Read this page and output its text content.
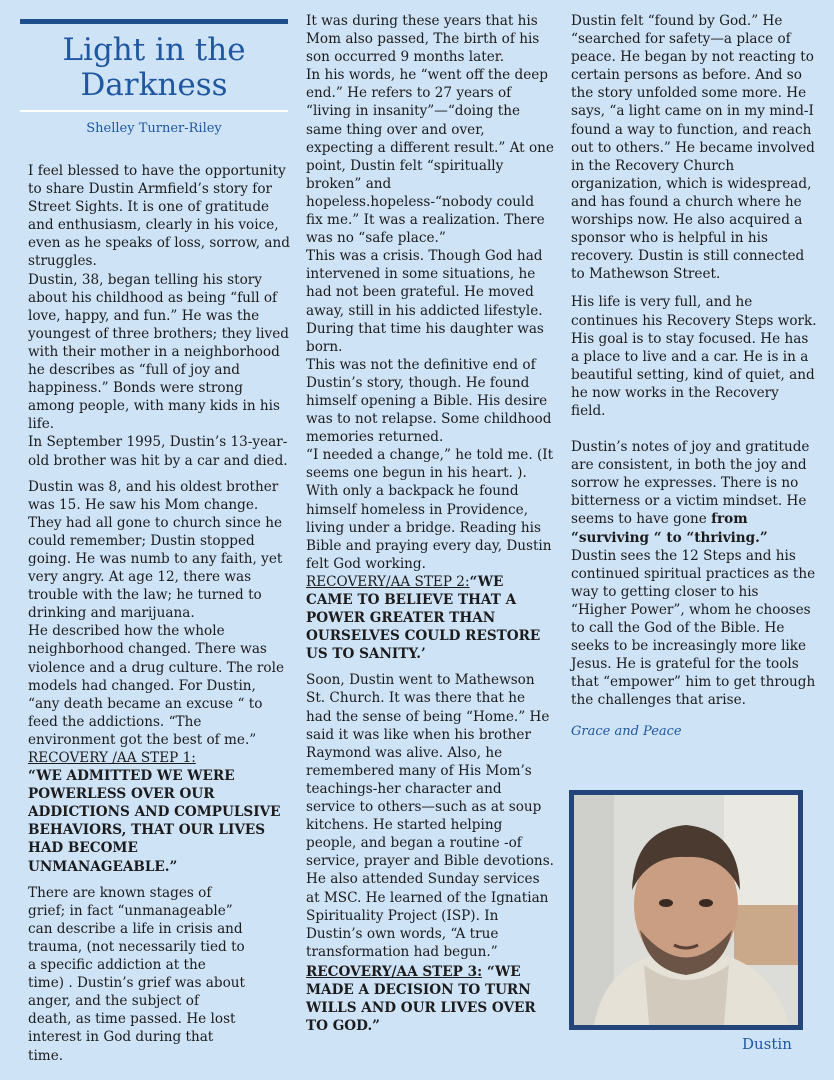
Light in the
Darkness
Shelley Turner-Riley

I feel blessed to have the opportunity to share Dustin Armfield’s story for Street Sights. It is one of gratitude and enthusiasm, clearly in his voice, even as he speaks of loss, sorrow, and struggles.

Dustin, 38, began telling his story about his childhood as being “full of love, happy, and fun.” He was the youngest of three brothers; they lived with their mother in a neighborhood he describes as “full of joy and happiness.” Bonds were strong among people, with many kids in his life.

In September 1995, Dustin’s 13-year-old brother was hit by a car and died.

Dustin was 8, and his oldest brother was 15. He saw his Mom change. They had all gone to church since he could remember; Dustin stopped going. He was numb to any faith, yet very angry. At age 12, there was trouble with the law; he turned to drinking and marijuana.

He described how the whole neighborhood changed. There was violence and a drug culture. The role models had changed. For Dustin, “any death became an excuse “ to feed the addictions. “The environment got the best of me.”

RECOVERY /AA STEP 1:

“WE ADMITTED WE WERE POWERLESS OVER OUR ADDICTIONS AND COMPULSIVE BEHAVIORS, THAT OUR LIVES HAD BECOME UNMANAGEABLE.”

There are known stages of grief; in fact “unmanageable” can describe a life in crisis and trauma, (not necessarily tied to a specific addiction at the time) . Dustin’s grief was about anger, and the subject of death, as time passed. He lost interest in God during that time.

It was during these years that his Mom also passed, The birth of his son occurred 9 months later.

In his words, he “went off the deep end.” He refers to 27 years of “living in insanity”—“doing the same thing over and over, expecting a different result.” At one point, Dustin felt “spiritually broken” and hopeless.hopeless-“nobody could fix me.” It was a realization. There was no “safe place.”

This was a crisis. Though God had intervened in some situations, he had not been grateful. He moved away, still in his addicted lifestyle. During that time his daughter was born.

This was not the definitive end of Dustin’s story, though. He found himself opening a Bible. His desire was to not relapse. Some childhood memories returned.

“I needed a change,” he told me. (It seems one begun in his heart. ). With only a backpack he found himself homeless in Providence, living under a bridge. Reading his Bible and praying every day, Dustin felt God working.

RECOVERY/AA STEP 2:“WE CAME TO BELIEVE THAT A POWER GREATER THAN OURSELVES COULD RESTORE US TO SANITY.’

Soon, Dustin went to Mathewson St. Church. It was there that he had the sense of being “Home.” He said it was like when his brother Raymond was alive. Also, he remembered many of His Mom’s teachings-her character and service to others—such as at soup kitchens. He started helping people, and began a routine -of service, prayer and Bible devotions. He also attended Sunday services at MSC. He learned of the Ignatian Spirituality Project (ISP). In Dustin’s own words, “A true transformation had begun.”

RECOVERY/AA STEP 3: “WE MADE A DECISION TO TURN WILLS AND OUR LIVES OVER TO GOD.”

Dustin felt “found by God.” He “searched for safety—a place of peace. He began by not reacting to certain persons as before. And so the story unfolded some more. He says, “a light came on in my mind-I found a way to function, and reach out to others.” He became involved in the Recovery Church organization, which is widespread, and has found a church where he worships now. He also acquired a sponsor who is helpful in his recovery. Dustin is still connected to Mathewson Street.

His life is very full, and he continues his Recovery Steps work. His goal is to stay focused. He has a place to live and a car. He is in a beautiful setting, kind of quiet, and he now works in the Recovery field.

Dustin’s notes of joy and gratitude are consistent, in both the joy and sorrow he expresses. There is no bitterness or a victim mindset. He seems to have gone from “surviving “ to “thriving.” Dustin sees the 12 Steps and his continued spiritual practices as the way to getting closer to his “Higher Power”, whom he chooses to call the God of the Bible. He seeks to be increasingly more like Jesus. He is grateful for the tools that “empower” him to get through the challenges that arise.

Grace and Peace

Dustin
